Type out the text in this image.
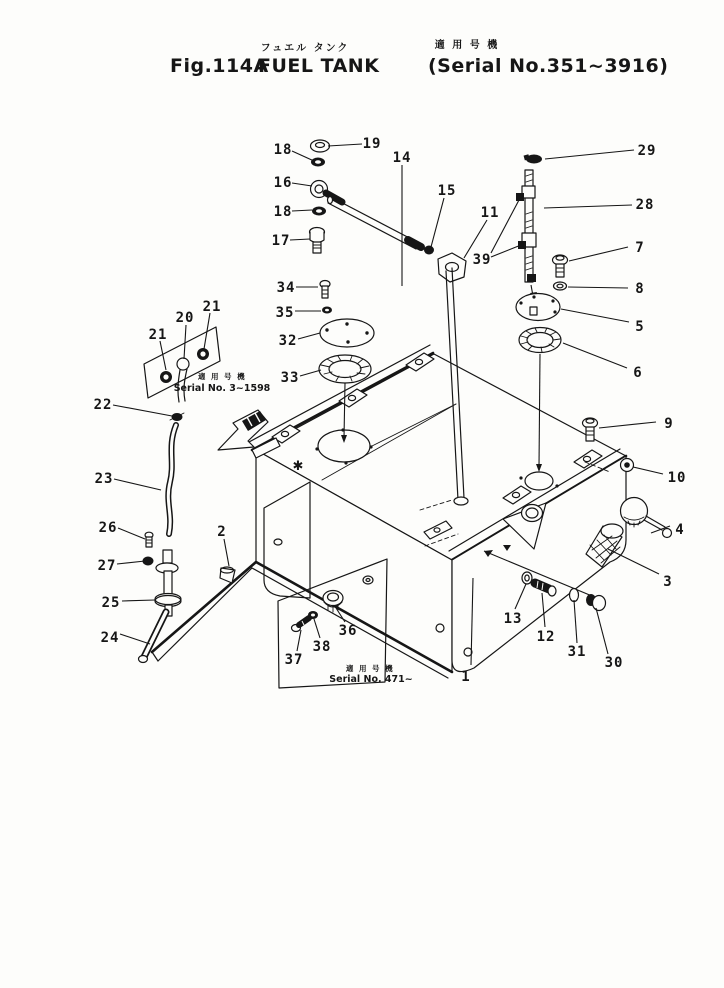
フュエル タンク	適 用 号 機
Fig.114A
FUEL TANK	(Serial No.351~3916)
✱
適 用 号 機
Serial No. 3~1598
適 用 号 機
Serial No. 471~	1
2
3
4
5
6
7
8
9
10
11
12
13
14
15
16
17
18
18
19
20
21
21
22
23
24
25
26
27
28
29
30
31
32
33
34
35
36
37
38
39
